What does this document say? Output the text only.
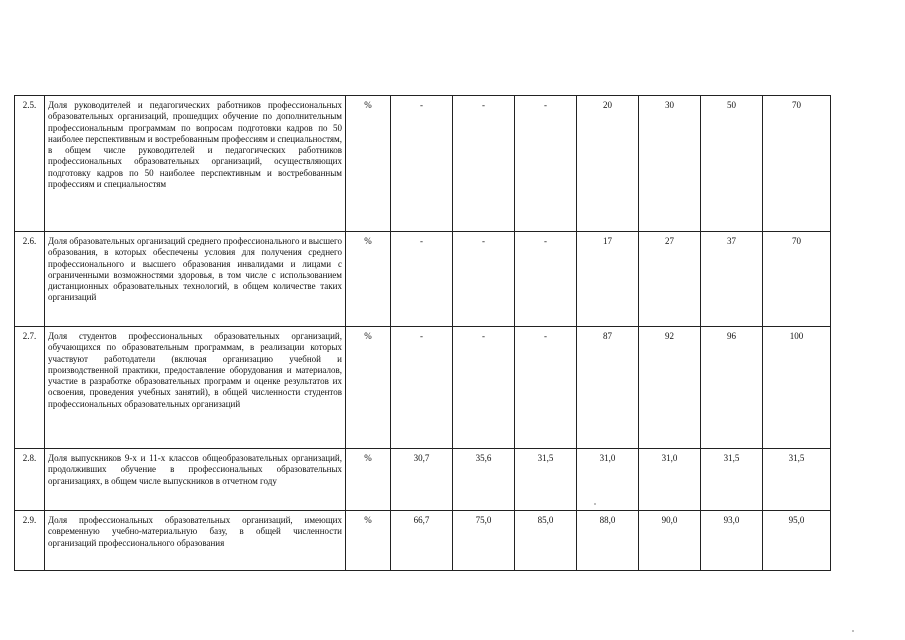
2.5.	Доля руководителей и педагогических работников профессиональных образовательных организаций, прошедщих обучение по дополнительным профессиональным программам по вопросам подготовки кадров по 50 наиболее перспективным и востребованным профессиям и специальностям, в общем числе руководителей и педагогических работников профессиональных образовательных организаций, осуществляющих подготовку кадров по 50 наиболее перспективным и востребованным профессиям и специальностям	%	-	-	-	20	30	50	70
2.6.	Доля образовательных организаций среднего профессионального и высшего образования, в которых обеспечены условия для получения среднего профессионального и высшего образования инвалидами и лицами с ограниченными возможностями здоровья, в том числе с использованием дистанционных образовательных технологий, в общем количестве таких организаций	%	-	-	-	17	27	37	70
2.7.	Доля студентов профессиональных образовательных организаций, обучающихся по образовательным программам, в реализации которых участвуют работодатели (включая организацию учебной и производственной практики, предоставление оборудования и материалов, участие в разработке образовательных программ и оценке результатов их освоения, проведения учебных занятий), в общей численности студентов профессиональных образовательных организаций	%	-	-	-	87	92	96	100
2.8.	Доля выпускников 9-х и 11-х классов общеобразовательных организаций, продолживших обучение в профессиональных образовательных организациях, в общем числе выпускников в отчетном году	%	30,7	35,6	31,5	31,0	31,0	31,5	31,5
2.9.	Доля профессиональных образовательных организаций, имеющих современную учебно-материальную базу, в общей численности организаций профессионального образования	%	66,7	75,0	85,0	88,0	90,0	93,0	95,0
